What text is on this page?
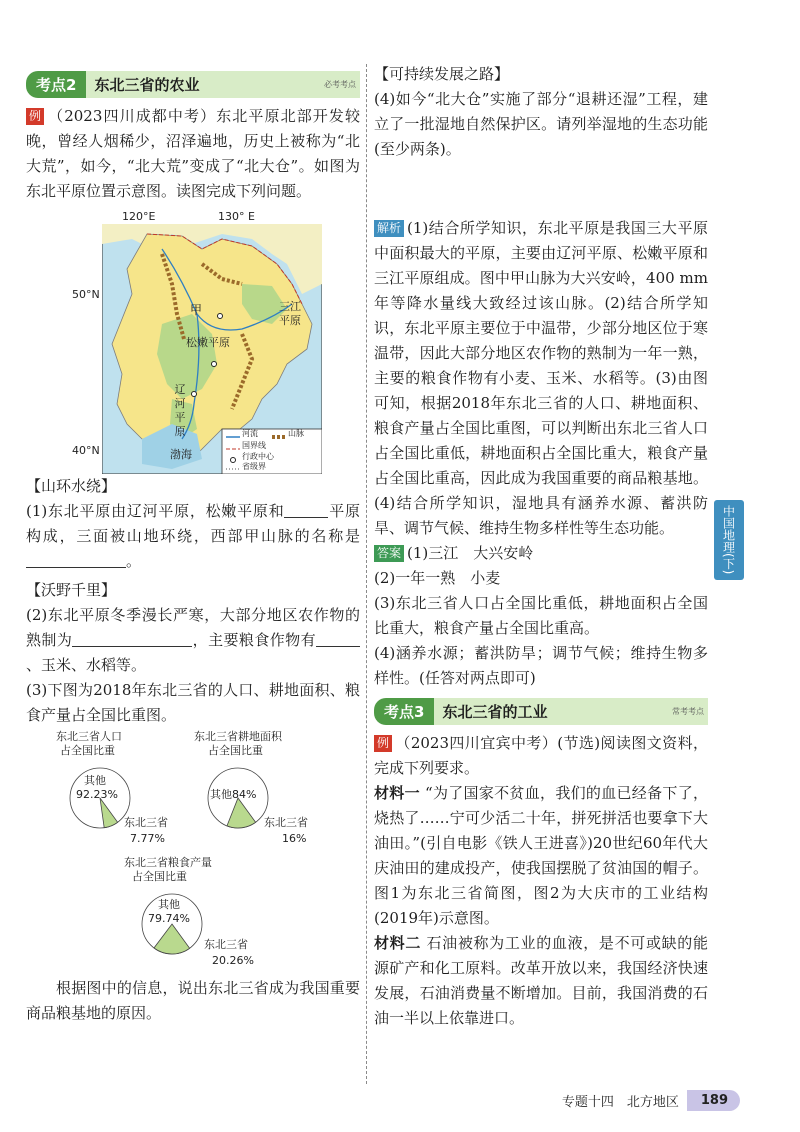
考点2	东北三省的农业	必考考点

例 （2023四川成都中考）东北平原北部开发较晚，曾经人烟稀少，沼泽遍地，历史上被称为“北大荒”，如今，“北大荒”变成了“北大仓”。如图为东北平原位置示意图。读图完成下列问题。

120°E	130° E
50°N
40°N
甲	三江平原
松嫩平原
辽河平原
渤海
河流	山脉
国界线
行政中心
省级界

【山环水绕】

(1)东北平原由辽河平原，松嫩平原和	平原构成，三面被山地环绕，西部甲山脉的名称是。

【沃野千里】

(2)东北平原冬季漫长严寒，大部分地区农作物的熟制为	，主要粮食作物有、玉米、水稻等。

(3)下图为2018年东北三省的人口、耕地面积、粮食产量占全国比重图。

东北三省人口
占全国比重
其他
92.23%
东北三省
7.77%
东北三省耕地面积
占全国比重
其他84%
东北三省
16%
东北三省粮食产量
占全国比重
其他
79.74%
东北三省
20.26%

根据图中的信息，说出东北三省成为我国重要商品粮基地的原因。

【可持续发展之路】

(4)如今“北大仓”实施了部分“退耕还湿”工程，建立了一批湿地自然保护区。请列举湿地的生态功能(至少两条)。

解析 (1)结合所学知识，东北平原是我国三大平原中面积最大的平原，主要由辽河平原、松嫩平原和三江平原组成。图中甲山脉为大兴安岭，400 mm年等降水量线大致经过该山脉。(2)结合所学知识，东北平原主要位于中温带，少部分地区位于寒温带，因此大部分地区农作物的熟制为一年一熟，主要的粮食作物有小麦、玉米、水稻等。(3)由图可知，根据2018年东北三省的人口、耕地面积、粮食产量占全国比重图，可以判断出东北三省人口占全国比重低，耕地面积占全国比重大，粮食产量占全国比重高，因此成为我国重要的商品粮基地。(4)结合所学知识，湿地具有涵养水源、蓄洪防旱、调节气候、维持生物多样性等生态功能。

答案 (1)三江　大兴安岭

(2)一年一熟　小麦

(3)东北三省人口占全国比重低，耕地面积占全国比重大，粮食产量占全国比重高。

(4)涵养水源；蓄洪防旱；调节气候；维持生物多样性。(任答对两点即可)

考点3	东北三省的工业	常考考点

例 （2023四川宜宾中考）(节选)阅读图文资料，完成下列要求。

材料一 “为了国家不贫血，我们的血已经备下了，烧热了……宁可少活二十年，拼死拼活也要拿下大油田。”(引自电影《铁人王进喜》)20世纪60年代大庆油田的建成投产，使我国摆脱了贫油国的帽子。图1为东北三省简图，图2为大庆市的工业结构(2019年)示意图。

材料二 石油被称为工业的血液，是不可或缺的能源矿产和化工原料。改革开放以来，我国经济快速发展，石油消费量不断增加。目前，我国消费的石油一半以上依靠进口。

中国地理(下)
专题十四　北方地区	189
